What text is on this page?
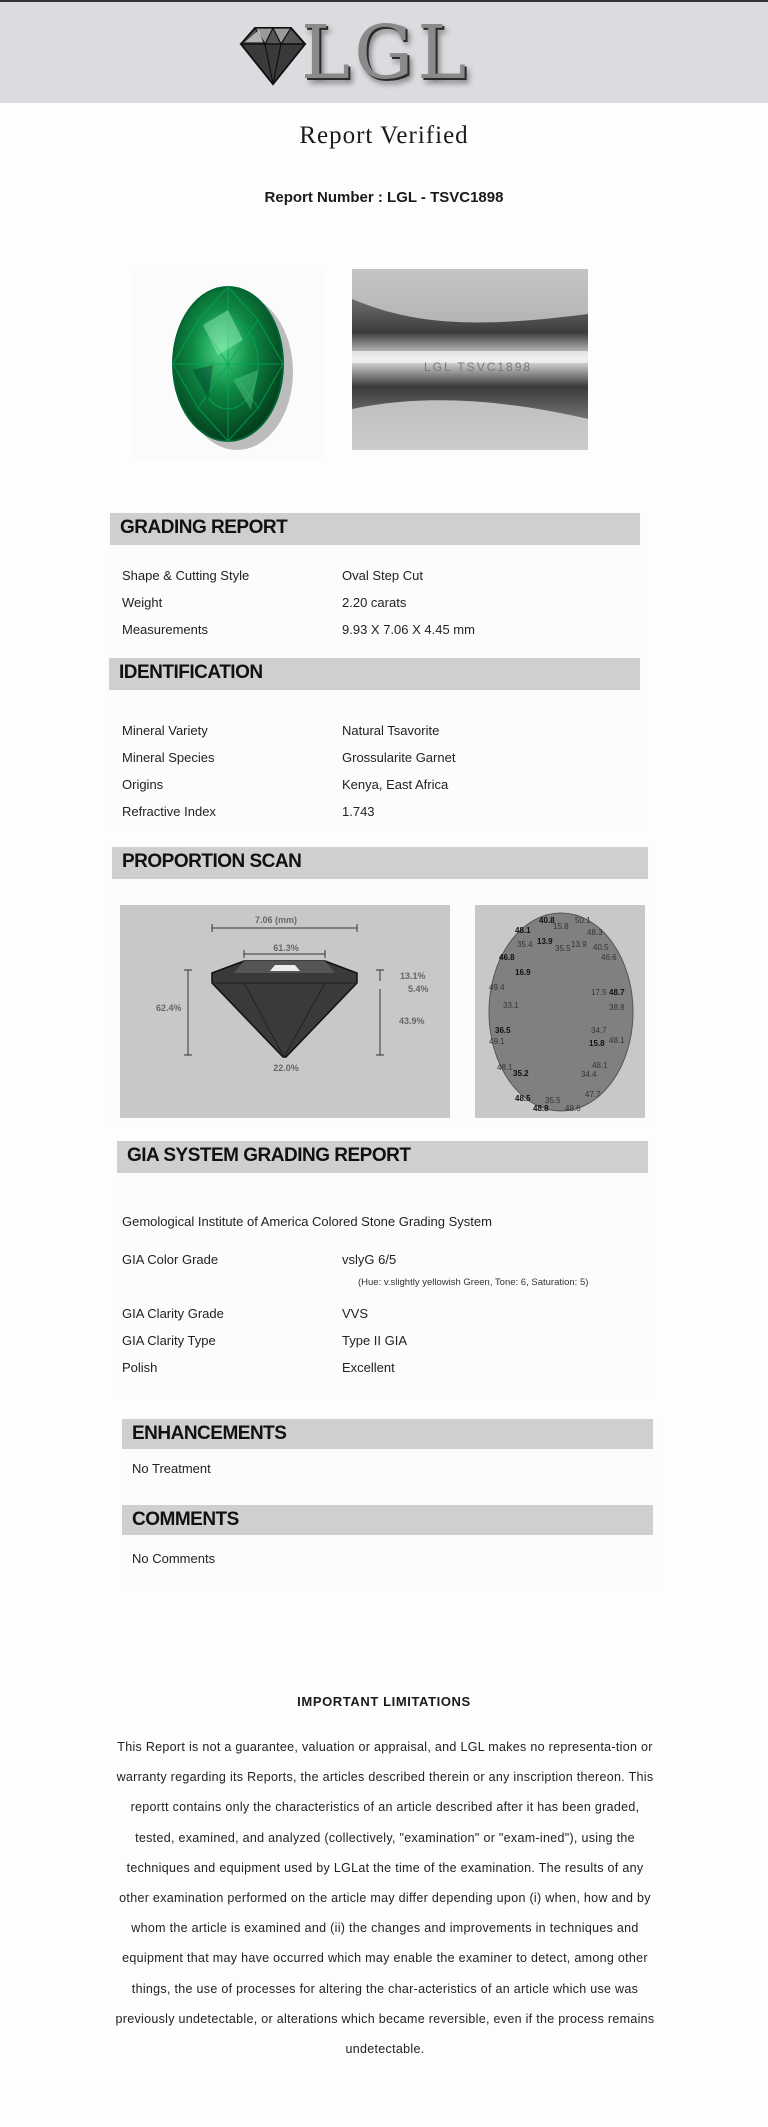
LGL
Report Verified
Report Number : LGL - TSVC1898
LGL TSVC1898
GRADING REPORT
Shape & Cutting Style	Oval Step Cut
Weight	2.20 carats
Measurements	9.93 X 7.06 X 4.45 mm
IDENTIFICATION
Mineral Variety	Natural Tsavorite
Mineral Species	Grossularite Garnet
Origins	Kenya, East Africa
Refractive Index	1.743
PROPORTION SCAN
7.06 (mm)
61.3%
62.4%
13.1%
5.4%
43.9%
22.0%
40.8	50.1
15.8
48.1	48.3
35.4 13.9 13.9 40.5
46.8
35.5
46.6
16.9
49.4
17.5 48.7
33.1	38.8
36.5	34.7
49.1	15.8 48.1
48.1
35.2	34.4
48.1
48.5 35.5
47.7
48.8 48.6
GIA SYSTEM GRADING REPORT
Gemological Institute of America Colored Stone Grading System
GIA Color Grade	vslyG 6/5
(Hue: v.slightly yellowish Green, Tone: 6, Saturation: 5)
GIA Clarity Grade	VVS
GIA Clarity Type	Type II GIA
Polish	Excellent
ENHANCEMENTS
No Treatment
COMMENTS
No Comments
IMPORTANT LIMITATIONS
This Report is not a guarantee, valuation or appraisal, and LGL makes no representa-tion or warranty regarding its Reports, the articles described therein or any inscription thereon. This reportt contains only the characteristics of an article described after it has been graded, tested, examined, and analyzed (collectively, "examination" or "exam-ined"), using the techniques and equipment used by LGLat the time of the examination. The results of any other examination performed on the article may differ depending upon (i) when, how and by whom the article is examined and (ii) the changes and improvements in techniques and equipment that may have occurred which may enable the examiner to detect, among other things, the use of processes for altering the char-acteristics of an article which use was previously undetectable, or alterations which became reversible, even if the process remains undetectable.
